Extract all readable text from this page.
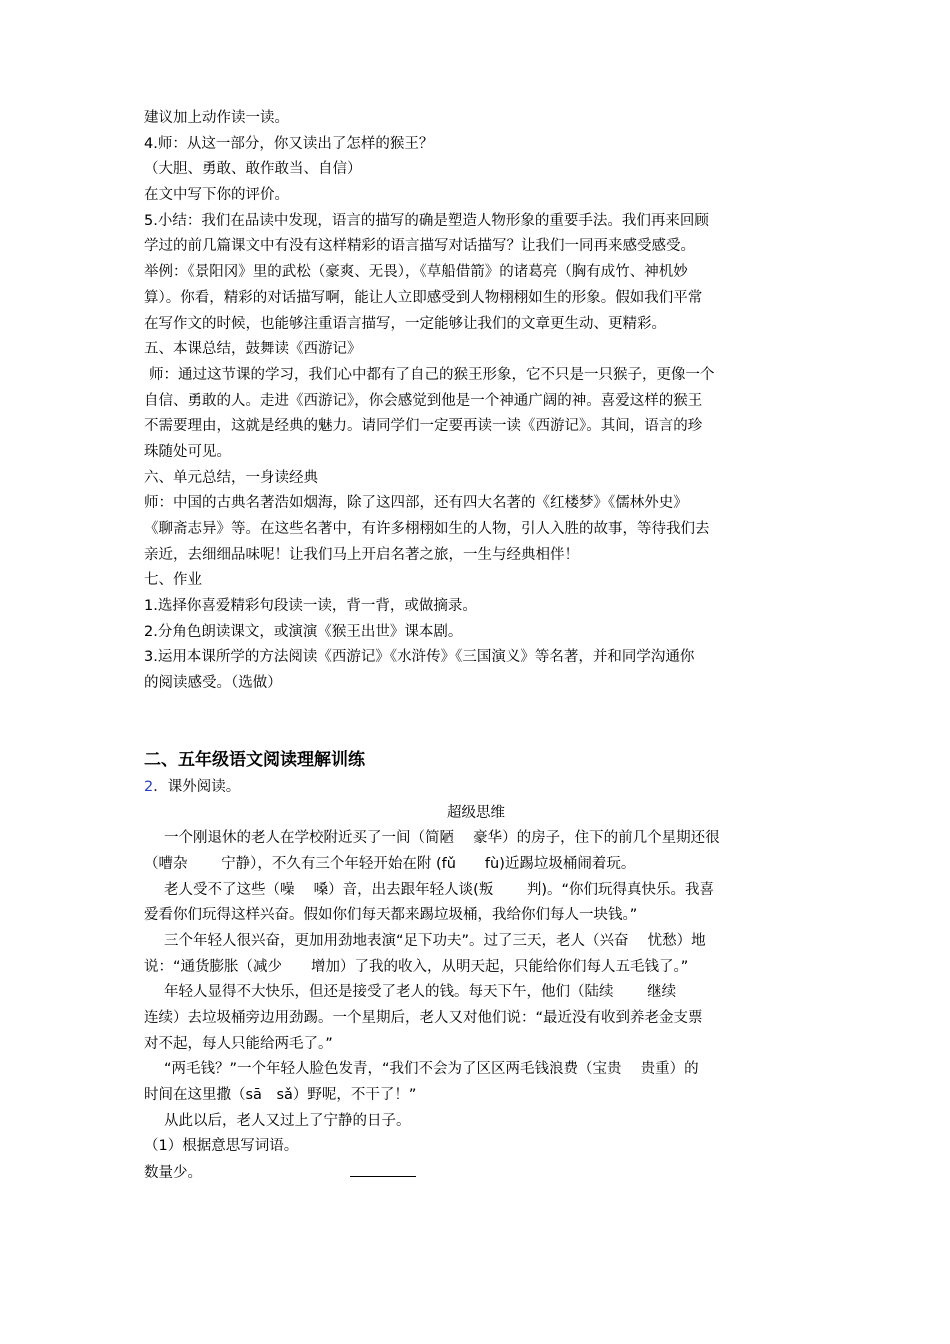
建议加上动作读一读。

4.师：从这一部分，你又读出了怎样的猴王？

（大胆、勇敢、敢作敢当、自信）

在文中写下你的评价。

5.小结：我们在品读中发现，语言的描写的确是塑造人物形象的重要手法。我们再来回顾

学过的前几篇课文中有没有这样精彩的语言描写对话描写？让我们一同再来感受感受。

举例：《景阳冈》里的武松（豪爽、无畏），《草船借箭》的诸葛亮（胸有成竹、神机妙

算）。你看，精彩的对话描写啊，能让人立即感受到人物栩栩如生的形象。假如我们平常

在写作文的时候，也能够注重语言描写，一定能够让我们的文章更生动、更精彩。

五、本课总结，鼓舞读《西游记》

师：通过这节课的学习，我们心中都有了自己的猴王形象，它不只是一只猴子，更像一个

自信、勇敢的人。走进《西游记》，你会感觉到他是一个神通广阔的神。喜爱这样的猴王

不需要理由，这就是经典的魅力。请同学们一定要再读一读《西游记》。其间，语言的珍

珠随处可见。

六、单元总结，一身读经典

师：中国的古典名著浩如烟海，除了这四部，还有四大名著的《红楼梦》《儒林外史》

《聊斋志异》等。在这些名著中，有许多栩栩如生的人物，引人入胜的故事，等待我们去

亲近，去细细品味呢！让我们马上开启名著之旅，一生与经典相伴！

七、作业

1.选择你喜爱精彩句段读一读，背一背，或做摘录。

2.分角色朗读课文，或演演《猴王出世》课本剧。

3.运用本课所学的方法阅读《西游记》《水浒传》《三国演义》等名著，并和同学沟通你

的阅读感受。（选做）

二、五年级语文阅读理解训练

2．课外阅读。

超级思维

一个刚退休的老人在学校附近买了一间（简陋　 豪华）的房子，住下的前几个星期还很

（嘈杂　　 宁静），不久有三个年轻开始在附 (fǔ　　fù)近踢垃圾桶闹着玩。

老人受不了这些（噪　 嗓）音，出去跟年轻人谈(叛　　 判)。“你们玩得真快乐。我喜

爱看你们玩得这样兴奋。假如你们每天都来踢垃圾桶，我给你们每人一块钱。”

三个年轻人很兴奋，更加用劲地表演“足下功夫”。过了三天，老人（兴奋　 忧愁）地

说：“通货膨胀（减少　　增加）了我的收入，从明天起，只能给你们每人五毛钱了。”

年轻人显得不大快乐，但还是接受了老人的钱。每天下午，他们（陆续　　 继续

连续）去垃圾桶旁边用劲踢。一个星期后，老人又对他们说：“最近没有收到养老金支票

对不起，每人只能给两毛了。”

“两毛钱？”一个年轻人脸色发青，“我们不会为了区区两毛钱浪费（宝贵　 贵重）的

时间在这里撒（sā　sǎ）野呢，不干了！”

从此以后，老人又过上了宁静的日子。

（1）根据意思写词语。

数量少。
